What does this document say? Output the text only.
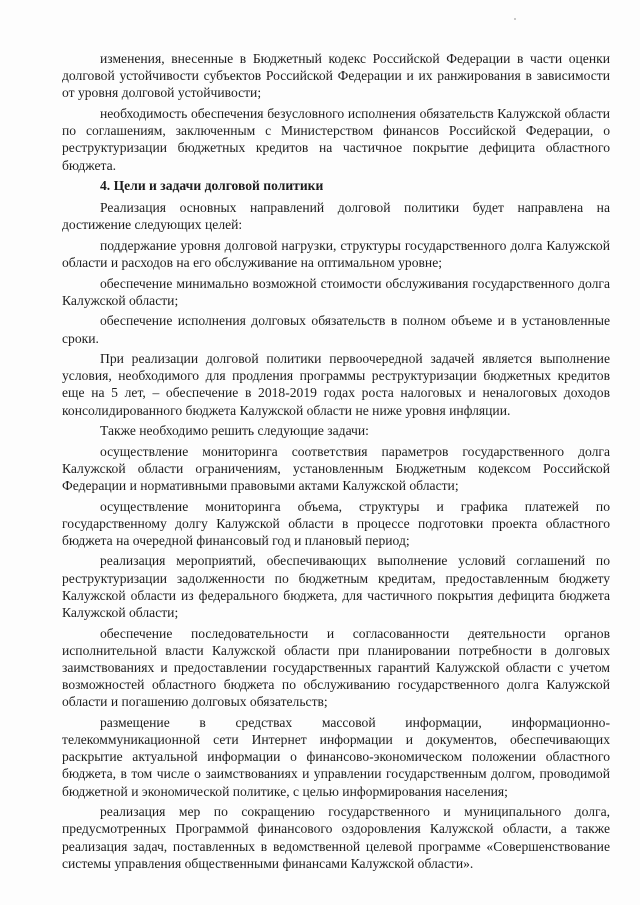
изменения, внесенные в Бюджетный кодекс Российской Федерации в части оценки долговой устойчивости субъектов Российской Федерации и их ранжирования в зависимости от уровня долговой устойчивости;

необходимость обеспечения безусловного исполнения обязательств Калужской области по соглашениям, заключенным с Министерством финансов Российской Федерации, о реструктуризации бюджетных кредитов на частичное покрытие дефицита областного бюджета.

4. Цели и задачи долговой политики

Реализация основных направлений долговой политики будет направлена на достижение следующих целей:

поддержание уровня долговой нагрузки, структуры государственного долга Калужской области и расходов на его обслуживание на оптимальном уровне;

обеспечение минимально возможной стоимости обслуживания государственного долга Калужской области;

обеспечение исполнения долговых обязательств в полном объеме и в установленные сроки.

При реализации долговой политики первоочередной задачей является выполнение условия, необходимого для продления программы реструктуризации бюджетных кредитов еще на 5 лет, – обеспечение в 2018-2019 годах роста налоговых и неналоговых доходов консолидированного бюджета Калужской области не ниже уровня инфляции.

Также необходимо решить следующие задачи:

осуществление мониторинга соответствия параметров государственного долга Калужской области ограничениям, установленным Бюджетным кодексом Российской Федерации и нормативными правовыми актами Калужской области;

осуществление мониторинга объема, структуры и графика платежей по государственному долгу Калужской области в процессе подготовки проекта областного бюджета на очередной финансовый год и плановый период;

реализация мероприятий, обеспечивающих выполнение условий соглашений по реструктуризации задолженности по бюджетным кредитам, предоставленным бюджету Калужской области из федерального бюджета, для частичного покрытия дефицита бюджета Калужской области;

обеспечение последовательности и согласованности деятельности органов исполнительной власти Калужской области при планировании потребности в долговых заимствованиях и предоставлении государственных гарантий Калужской области с учетом возможностей областного бюджета по обслуживанию государственного долга Калужской области и погашению долговых обязательств;

размещение в средствах массовой информации, информационно-телекоммуникационной сети Интернет информации и документов, обеспечивающих раскрытие актуальной информации о финансово-экономическом положении областного бюджета, в том числе о заимствованиях и управлении государственным долгом, проводимой бюджетной и экономической политике, с целью информирования населения;

реализация мер по сокращению государственного и муниципального долга, предусмотренных Программой финансового оздоровления Калужской области, а также реализация задач, поставленных в ведомственной целевой программе «Совершенствование системы управления общественными финансами Калужской области».
